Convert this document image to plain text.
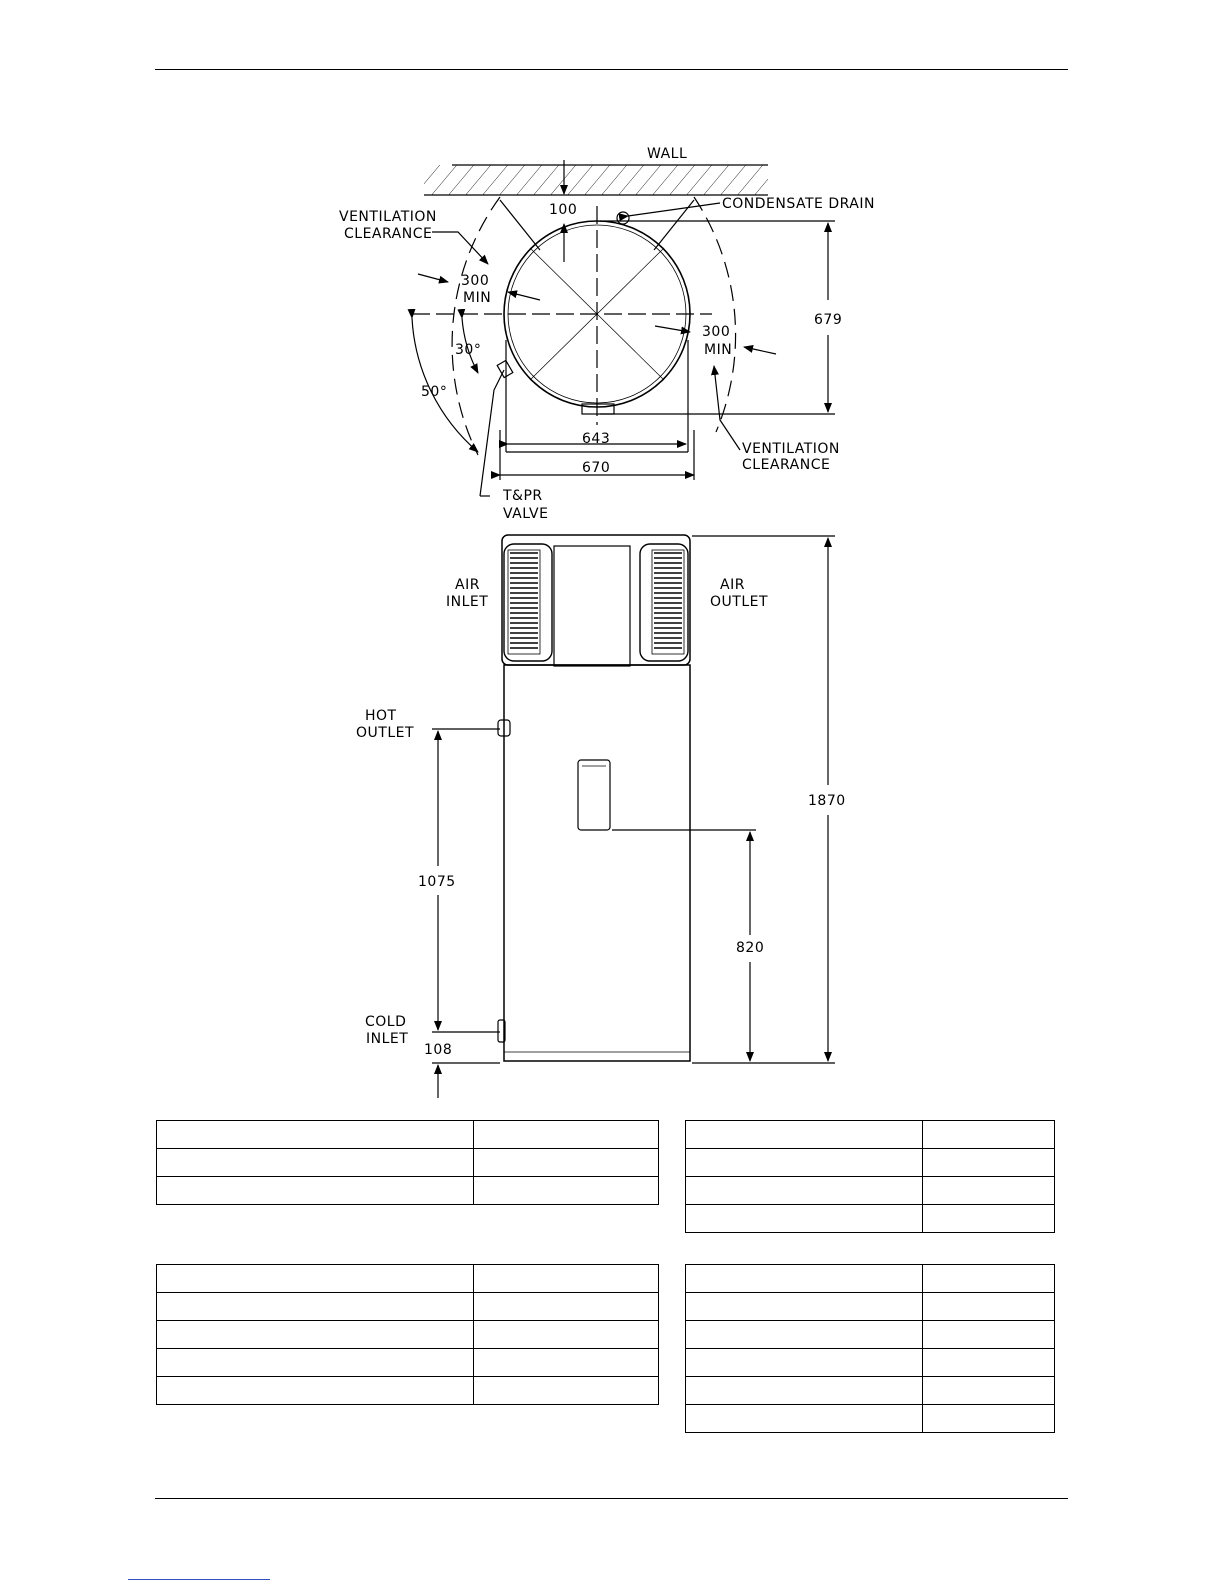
WALL
100	CONDENSATE DRAIN
VENTILATION
CLEARANCE
300
MIN
300
MIN
679
30°
50°
643
670
VENTILATION
CLEARANCE
T&PR
VALVE
AIR
INLET
AIR
OUTLET
HOT
OUTLET
COLD
INLET
1870
1075
820
108
